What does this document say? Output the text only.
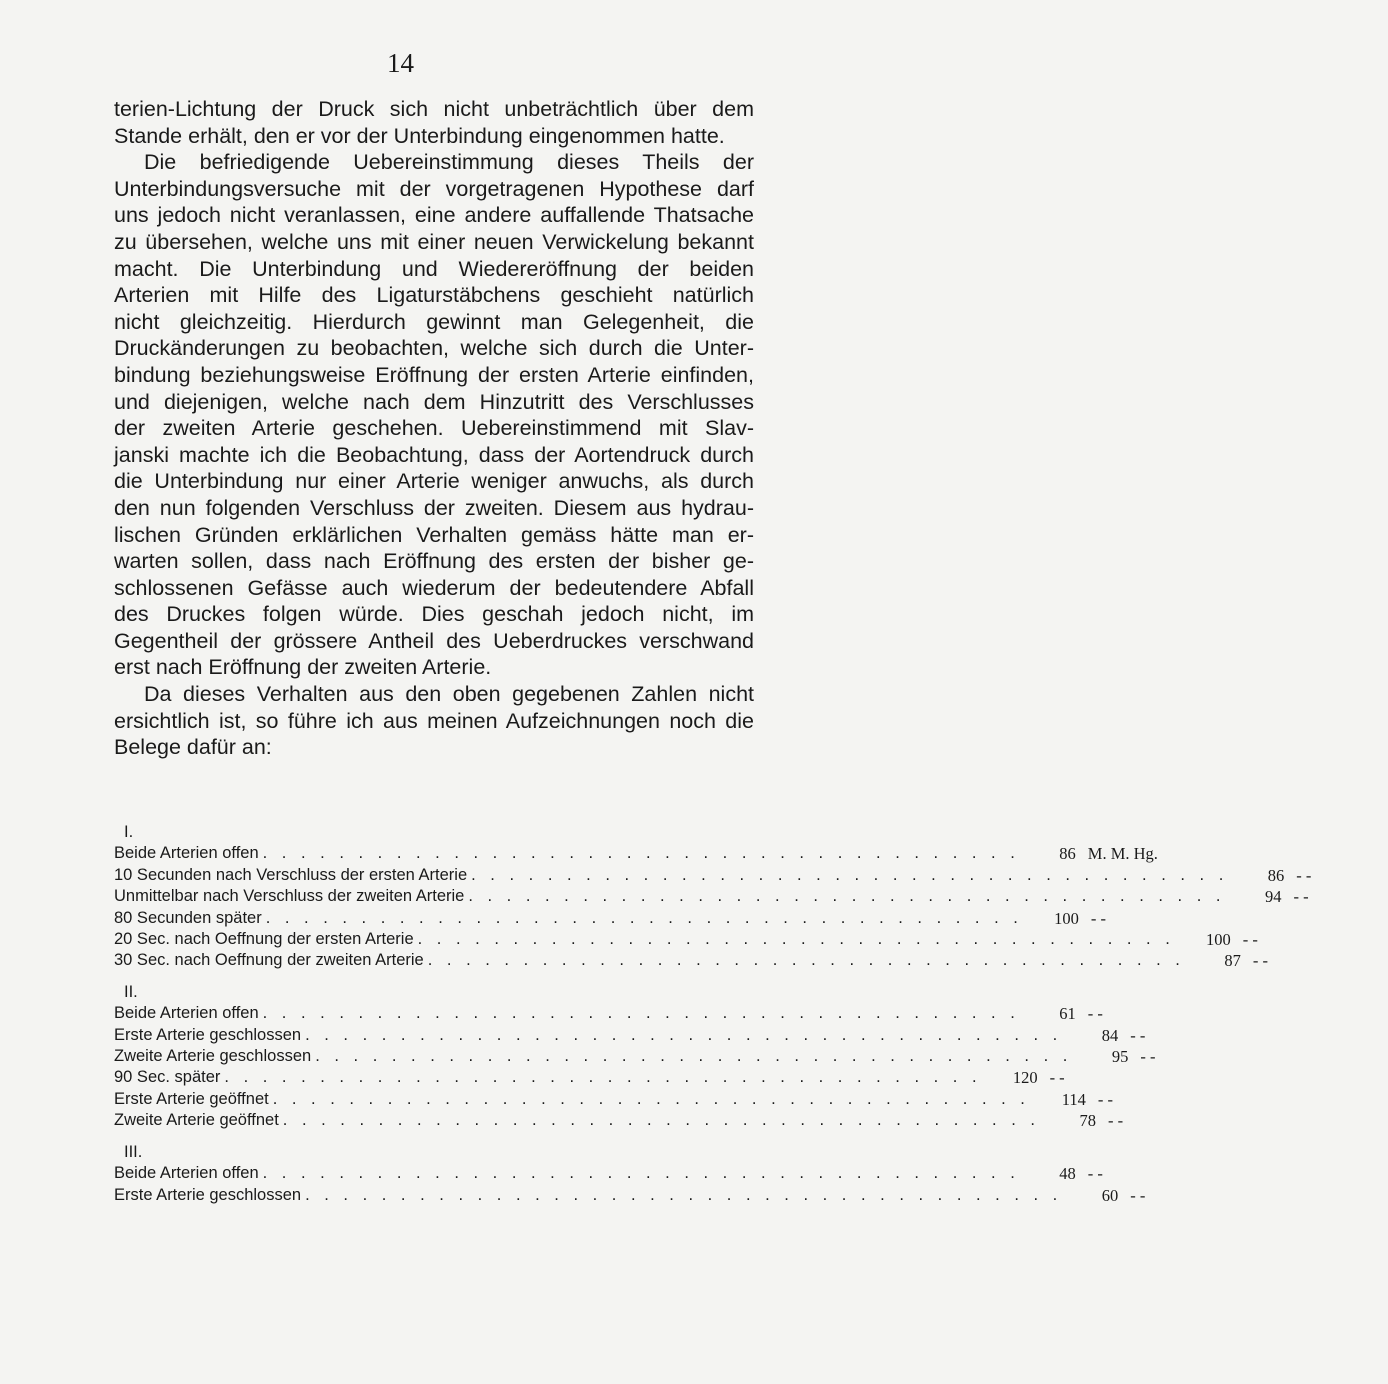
14
terien-Lichtung der Druck sich nicht unbeträchtlich über dem
Stande erhält, den er vor der Unterbindung eingenommen hatte.
Die befriedigende Uebereinstimmung dieses Theils der
Unterbindungsversuche mit der vorgetragenen Hypothese darf
uns jedoch nicht veranlassen, eine andere auffallende Thatsache
zu übersehen, welche uns mit einer neuen Verwickelung bekannt
macht. Die Unterbindung und Wiedereröffnung der beiden
Arterien mit Hilfe des Ligaturstäbchens geschieht natürlich
nicht gleichzeitig. Hierdurch gewinnt man Gelegenheit, die
Druckänderungen zu beobachten, welche sich durch die Unter-
bindung beziehungsweise Eröffnung der ersten Arterie einfinden,
und diejenigen, welche nach dem Hinzutritt des Verschlusses
der zweiten Arterie geschehen. Uebereinstimmend mit Slav-
janski machte ich die Beobachtung, dass der Aortendruck durch
die Unterbindung nur einer Arterie weniger anwuchs, als durch
den nun folgenden Verschluss der zweiten. Diesem aus hydrau-
lischen Gründen erklärlichen Verhalten gemäss hätte man er-
warten sollen, dass nach Eröffnung des ersten der bisher ge-
schlossenen Gefässe auch wiederum der bedeutendere Abfall
des Druckes folgen würde. Dies geschah jedoch nicht, im
Gegentheil der grössere Antheil des Ueberdruckes verschwand
erst nach Eröffnung der zweiten Arterie.
Da dieses Verhalten aus den oben gegebenen Zahlen nicht
ersichtlich ist, so führe ich aus meinen Aufzeichnungen noch die
Belege dafür an:
I.
Beide Arterien offen . . . . . . . . . . . . . . . . . . . . . . . . . . . . . . . . . . . . . . . .	86 M. M. Hg.
10 Secunden nach Verschluss der ersten Arterie . . . . . . . . . . . . . . . . . . . . . . . . . . . . . . . . . . . . . . . .	86 - -
Unmittelbar nach Verschluss der zweiten Arterie . . . . . . . . . . . . . . . . . . . . . . . . . . . . . . . . . . . . . . . .	94 - -
80 Secunden später . . . . . . . . . . . . . . . . . . . . . . . . . . . . . . . . . . . . . . . .	100 - -
20 Sec. nach Oeffnung der ersten Arterie . . . . . . . . . . . . . . . . . . . . . . . . . . . . . . . . . . . . . . . .	100 - -
30 Sec. nach Oeffnung der zweiten Arterie . . . . . . . . . . . . . . . . . . . . . . . . . . . . . . . . . . . . . . . .	87 - -
II.
Beide Arterien offen . . . . . . . . . . . . . . . . . . . . . . . . . . . . . . . . . . . . . . . .	61 - -
Erste Arterie geschlossen . . . . . . . . . . . . . . . . . . . . . . . . . . . . . . . . . . . . . . . .	84 - -
Zweite Arterie geschlossen . . . . . . . . . . . . . . . . . . . . . . . . . . . . . . . . . . . . . . . .	95 - -
90 Sec. später . . . . . . . . . . . . . . . . . . . . . . . . . . . . . . . . . . . . . . . .	120 - -
Erste Arterie geöffnet . . . . . . . . . . . . . . . . . . . . . . . . . . . . . . . . . . . . . . . .	114 - -
Zweite Arterie geöffnet . . . . . . . . . . . . . . . . . . . . . . . . . . . . . . . . . . . . . . . .	78 - -
III.
Beide Arterien offen . . . . . . . . . . . . . . . . . . . . . . . . . . . . . . . . . . . . . . . .	48 - -
Erste Arterie geschlossen . . . . . . . . . . . . . . . . . . . . . . . . . . . . . . . . . . . . . . . .	60 - -
